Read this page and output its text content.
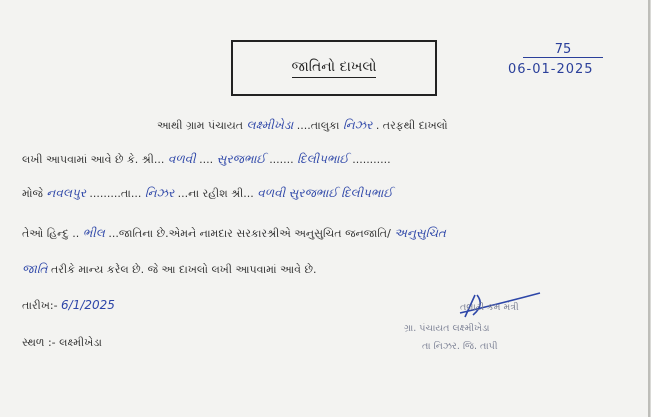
જાતિનો દાખલો
75
06-01-2025
આથી ગ્રામ પંચાયત લક્ષ્મીખેડા ....તાલુકા નિઝર . તરફથી દાખલો
લખી આપવામાં આવે છે કે. શ્રી... વળવી .... સુરજભાઈ ....... દિલીપભાઈ ...........
મોજે નવલપુર .........તા... નિઝર ...ના રહીશ શ્રી... વળવી સુરજભાઈ દિલીપભાઈ
તેઓ હિન્દુ .. ભીલ ...જાતિના છે.એમને નામદાર સરકારશ્રીએ અનુસુચિત જનજાતિ/ અનુસુચિત
જાતિ તરીકે માન્ય કરેલ છે. જે આ દાખલો લખી આપવામાં આવે છે.
તારીખ:- 6/1/2025
સ્થળ :- લક્ષ્મીખેડા
તલાટી કમ મંત્રી
ગ્રા. પંચાયત લક્ષ્મીખેડા
તા નિઝર. જિ. તાપી
